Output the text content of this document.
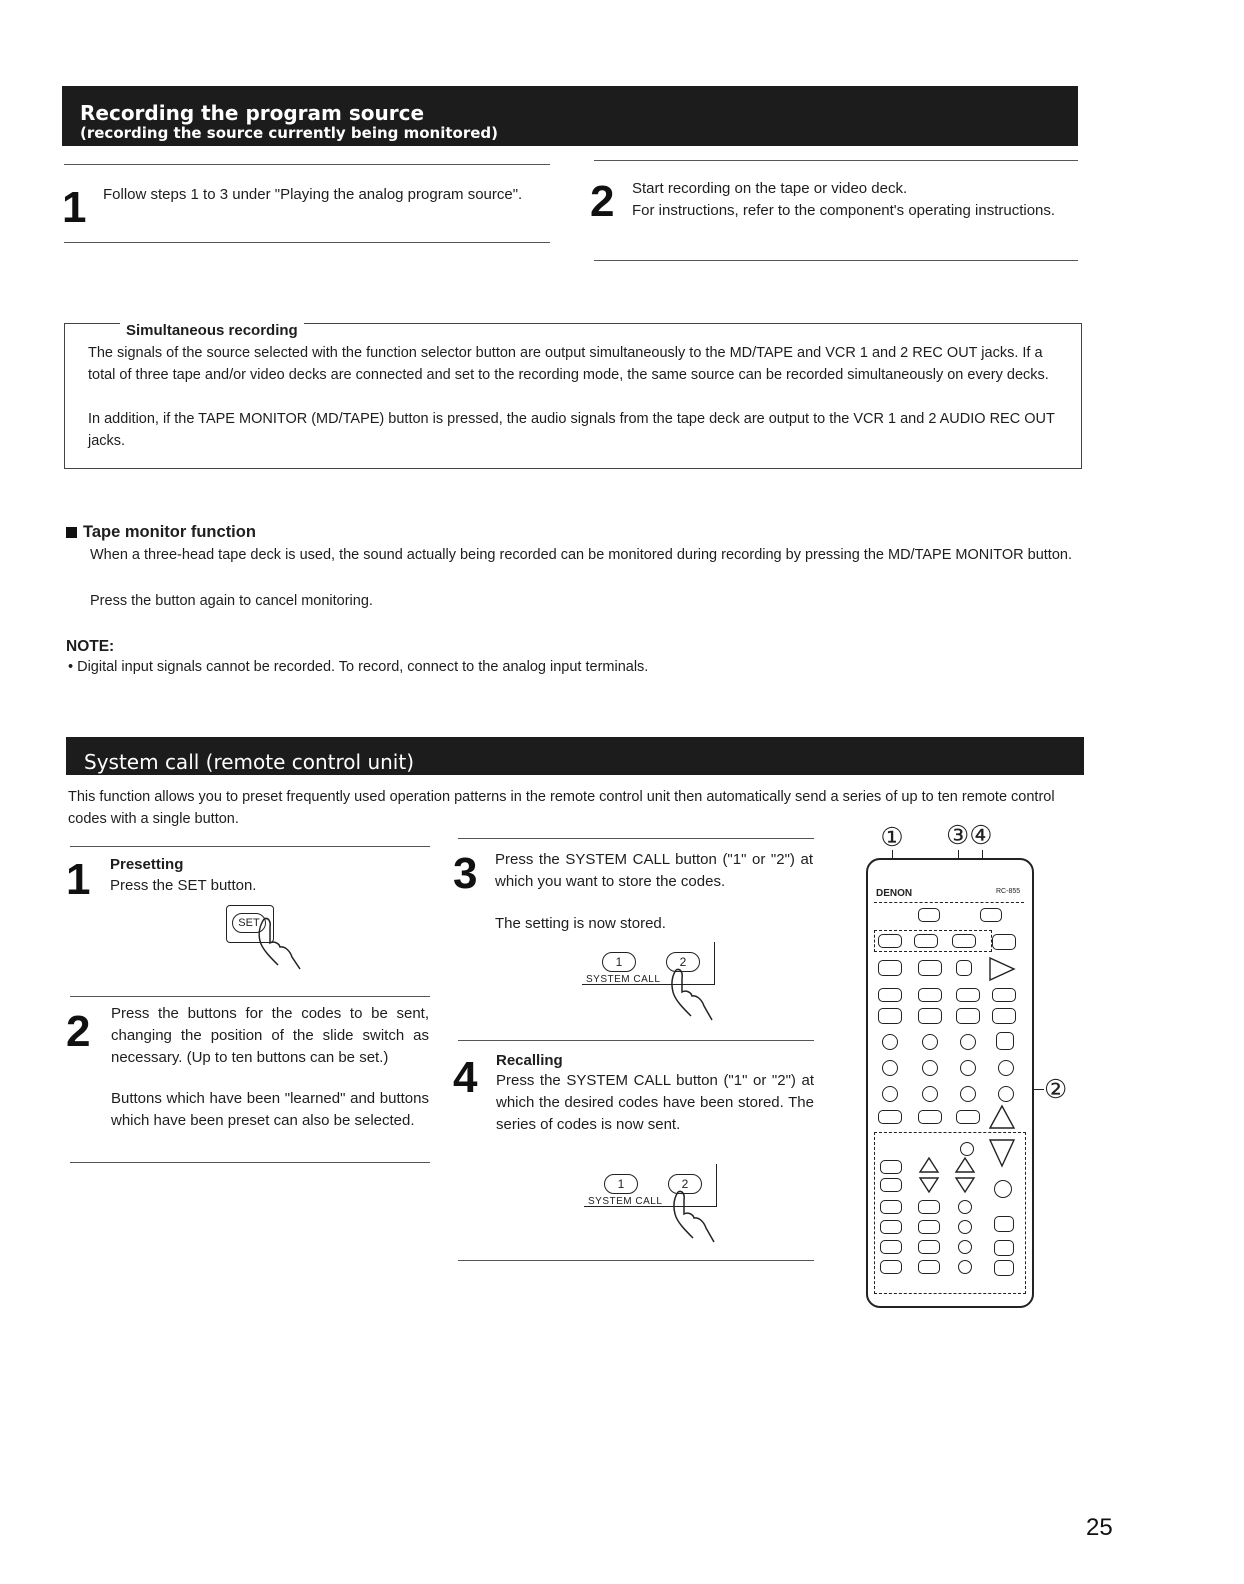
Recording the program source
(recording the source currently being monitored)
1 Follow steps 1 to 3 under "Playing the analog program source".	2 Start recording on the tape or video deck.
For instructions, refer to the component's operating instructions.
Simultaneous recording
The signals of the source selected with the function selector button are output simultaneously to the MD/TAPE and VCR 1 and 2 REC OUT jacks. If a total of three tape and/or video decks are connected and set to the recording mode, the same source can be recorded simultaneously on every decks.
In addition, if the TAPE MONITOR (MD/TAPE) button is pressed, the audio signals from the tape deck are output to the VCR 1 and 2 AUDIO REC OUT jacks.
Tape monitor function
When a three-head tape deck is used, the sound actually being recorded can be monitored during recording by pressing the MD/TAPE MONITOR button.
Press the button again to cancel monitoring.
NOTE:
• Digital input signals cannot be recorded. To record, connect to the analog input terminals.
System call (remote control unit)
This function allows you to preset frequently used operation patterns in the remote control unit then automatically send a series of up to ten remote control codes with a single button.
1 Presetting
Press the SET button.
SET
2 Press the buttons for the codes to be sent, changing the position of the slide switch as necessary. (Up to ten buttons can be set.)
Buttons which have been "learned" and buttons which have been preset can also be selected.
3 Press the SYSTEM CALL button ("1" or "2") at which you want to store the codes.
The setting is now stored.
1	2
SYSTEM CALL
4 Recalling
Press the SYSTEM CALL button ("1" or "2") at which the desired codes have been stored. The series of codes is now sent.
1	2
SYSTEM CALL
① ③④
②
DENON	RC-855
25
